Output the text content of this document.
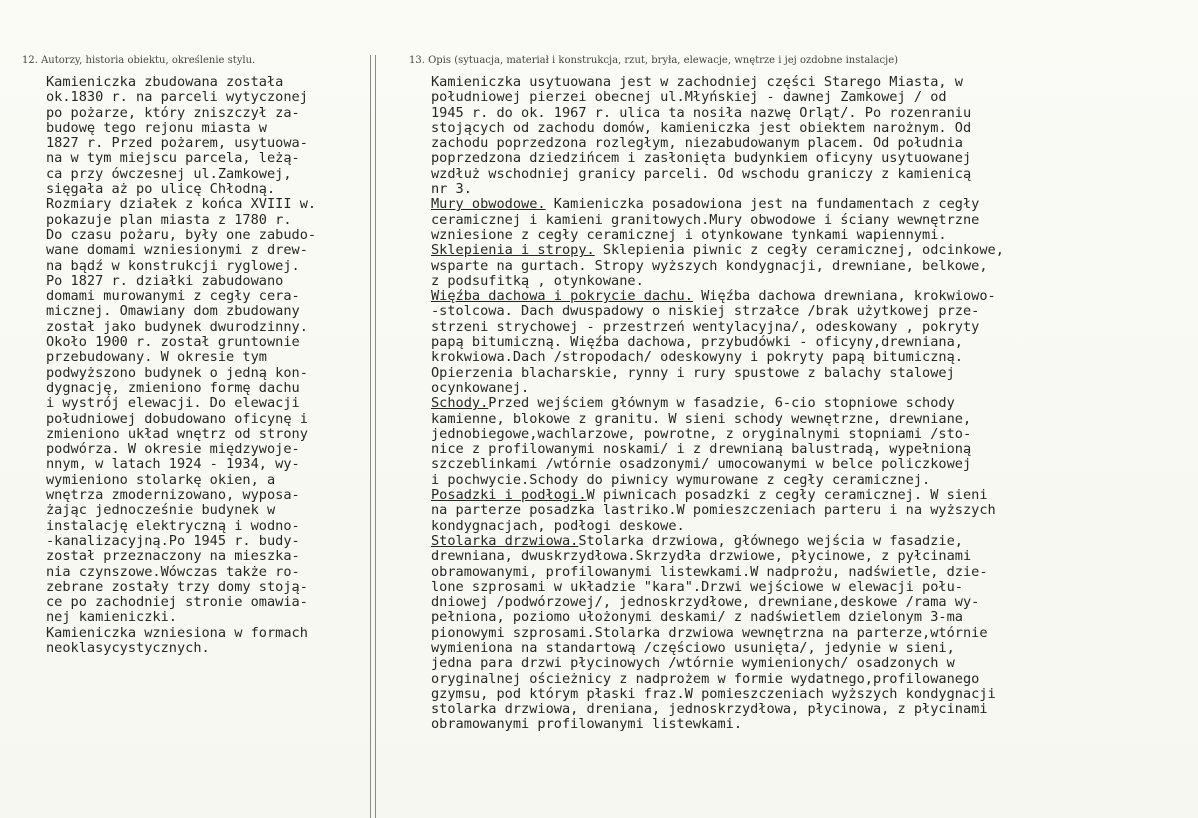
12. Autorzy, historia obiektu, określenie stylu.	13. Opis (sytuacja, materiał i konstrukcja, rzut, bryła, elewacje, wnętrze i jej ozdobne instalacje)
Kamieniczka zbudowana została
ok.1830 r. na parceli wytyczonej
po pożarze, który zniszczył za-
budowę tego rejonu miasta w
1827 r. Przed pożarem, usytuowa-
na w tym miejscu parcela, leżą-
ca przy ówczesnej ul.Zamkowej,
sięgała aż po ulicę Chłodną.
Rozmiary działek z końca XVIII w.
pokazuje plan miasta z 1780 r.
Do czasu pożaru, były one zabudo-
wane domami wzniesionymi z drew-
na bądź w konstrukcji ryglowej.
Po 1827 r. działki zabudowano
domami murowanymi z cegły cera-
micznej. Omawiany dom zbudowany
został jako budynek dwurodzinny.
Około 1900 r. został gruntownie
przebudowany. W okresie tym
podwyższono budynek o jedną kon-
dygnację, zmieniono formę dachu
i wystrój elewacji. Do elewacji
południowej dobudowano oficynę i
zmieniono układ wnętrz od strony
podwórza. W okresie międzywoje-
nnym, w latach 1924 - 1934, wy-
wymieniono stolarkę okien, a
wnętrza zmodernizowano, wyposa-
żając jednocześnie budynek w
instalację elektryczną i wodno-
-kanalizacyjną.Po 1945 r. budy-
został przeznaczony na mieszka-
nia czynszowe.Wówczas także ro-
zebrane zostały trzy domy stoją-
ce po zachodniej stronie omawia-
nej kamieniczki.
Kamieniczka wzniesiona w formach
neoklasycystycznych.
Kamieniczka usytuowana jest w zachodniej części Starego Miasta, w
południowej pierzei obecnej ul.Młyńskiej - dawnej Zamkowej / od
1945 r. do ok. 1967 r. ulica ta nosiła nazwę Orląt/. Po rozenraniu
stojących od zachodu domów, kamieniczka jest obiektem narożnym. Od
zachodu poprzedzona rozległym, niezabudowanym placem. Od południa
poprzedzona dziedzińcem i zasłonięta budynkiem oficyny usytuowanej
wzdłuż wschodniej granicy parceli. Od wschodu graniczy z kamienicą
nr 3.
Mury obwodowe. Kamieniczka posadowiona jest na fundamentach z cegły
ceramicznej i kamieni granitowych.Mury obwodowe i ściany wewnętrzne
wzniesione z cegły ceramicznej i otynkowane tynkami wapiennymi.
Sklepienia i stropy. Sklepienia piwnic z cegły ceramicznej, odcinkowe,
wsparte na gurtach. Stropy wyższych kondygnacji, drewniane, belkowe,
z podsufitką , otynkowane.
Więźba dachowa i pokrycie dachu. Więźba dachowa drewniana, krokwiowo-
-stolcowa. Dach dwuspadowy o niskiej strzałce /brak użytkowej prze-
strzeni strychowej - przestrzeń wentylacyjna/, odeskowany , pokryty
papą bitumiczną. Więźba dachowa, przybudówki - oficyny,drewniana,
krokwiowa.Dach /stropodach/ odeskowyny i pokryty papą bitumiczną.
Opierzenia blacharskie, rynny i rury spustowe z balachy stalowej
ocynkowanej.
Schody.Przed wejściem głównym w fasadzie, 6-cio stopniowe schody
kamienne, blokowe z granitu. W sieni schody wewnętrzne, drewniane,
jednobiegowe,wachlarzowe, powrotne, z oryginalnymi stopniami /sto-
nice z profilowanymi noskami/ i z drewnianą balustradą, wypełnioną
szczeblinkami /wtórnie osadzonymi/ umocowanymi w belce policzkowej
i pochwycie.Schody do piwnicy wymurowane z cegły ceramicznej.
Posadzki i podłogi.W piwnicach posadzki z cegły ceramicznej. W sieni
na parterze posadzka lastriko.W pomieszczeniach parteru i na wyższych
kondygnacjach, podłogi deskowe.
Stolarka drzwiowa.Stolarka drzwiowa, głównego wejścia w fasadzie,
drewniana, dwuskrzydłowa.Skrzydła drzwiowe, płycinowe, z pyłcinami
obramowanymi, profilowanymi listewkami.W nadprożu, nadświetle, dzie-
lone szprosami w układzie "kara".Drzwi wejściowe w elewacji połu-
dniowej /podwórzowej/, jednoskrzydłowe, drewniane,deskowe /rama wy-
pełniona, poziomo ułożonymi deskami/ z nadświetlem dzielonym 3-ma
pionowymi szprosami.Stolarka drzwiowa wewnętrzna na parterze,wtórnie
wymieniona na standartową /częściowo usunięta/, jedynie w sieni,
jedna para drzwi płycinowych /wtórnie wymienionych/ osadzonych w
oryginalnej ościeżnicy z nadprożem w formie wydatnego,profilowanego
gzymsu, pod którym płaski fraz.W pomieszczeniach wyższych kondygnacji
stolarka drzwiowa, dreniana, jednoskrzydłowa, płycinowa, z płycinami
obramowanymi profilowanymi listewkami.
